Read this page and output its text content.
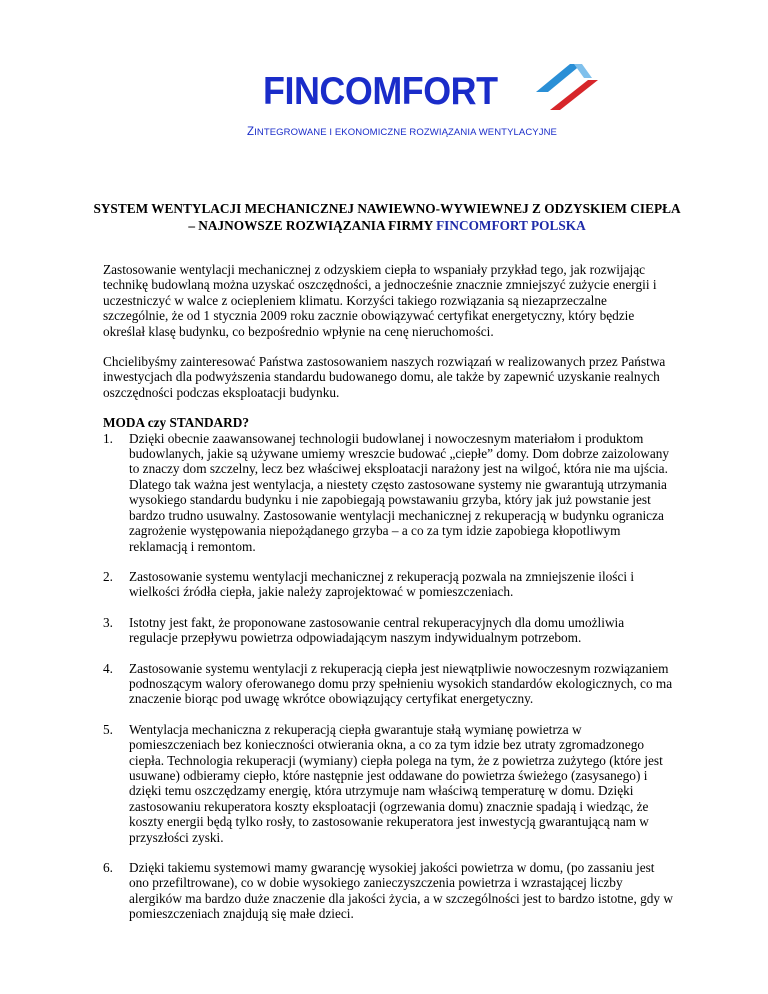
FINCOMFORT
ZINTEGROWANE I EKONOMICZNE ROZWIĄZANIA WENTYLACYJNE
SYSTEM WENTYLACJI MECHANICZNEJ NAWIEWNO-WYWIEWNEJ Z ODZYSKIEM CIEPŁA – NAJNOWSZE ROZWIĄZANIA FIRMY FINCOMFORT POLSKA

Zastosowanie wentylacji mechanicznej z odzyskiem ciepła to wspaniały przykład tego, jak rozwijając technikę budowlaną można uzyskać oszczędności, a jednocześnie znacznie zmniejszyć zużycie energii i uczestniczyć w walce z ociepleniem klimatu. Korzyści takiego rozwiązania są niezaprzeczalne szczególnie, że od 1 stycznia 2009 roku zacznie obowiązywać certyfikat energetyczny, który będzie określał klasę budynku, co bezpośrednio wpłynie na cenę nieruchomości.

Chcielibyśmy zainteresować Państwa zastosowaniem naszych rozwiązań w realizowanych przez Państwa inwestycjach dla podwyższenia standardu budowanego domu, ale także by zapewnić uzyskanie realnych oszczędności podczas eksploatacji budynku.

MODA czy STANDARD?
1.	Dzięki obecnie zaawansowanej technologii budowlanej i nowoczesnym materiałom i produktom budowlanych, jakie są używane umiemy wreszcie budować „ciepłe” domy. Dom dobrze zaizolowany to znaczy dom szczelny, lecz bez właściwej eksploatacji narażony jest na wilgoć, która nie ma ujścia. Dlatego tak ważna jest wentylacja, a niestety często zastosowane systemy nie gwarantują utrzymania wysokiego standardu budynku i nie zapobiegają powstawaniu grzyba, który jak już powstanie jest bardzo trudno usuwalny. Zastosowanie wentylacji mechanicznej z rekuperacją w budynku ogranicza zagrożenie występowania niepożądanego grzyba – a co za tym idzie zapobiega kłopotliwym reklamacją i remontom.
2.	Zastosowanie systemu wentylacji mechanicznej z rekuperacją pozwala na zmniejszenie ilości i wielkości źródła ciepła, jakie należy zaprojektować w pomieszczeniach.
3.	Istotny jest fakt, że proponowane zastosowanie central rekuperacyjnych dla domu umożliwia regulacje przepływu powietrza odpowiadającym naszym indywidualnym potrzebom.
4.	Zastosowanie systemu wentylacji z rekuperacją ciepła jest niewątpliwie nowoczesnym rozwiązaniem podnoszącym walory oferowanego domu przy spełnieniu wysokich standardów ekologicznych, co ma znaczenie biorąc pod uwagę wkrótce obowiązujący certyfikat energetyczny.
5.	Wentylacja mechaniczna z rekuperacją ciepła gwarantuje stałą wymianę powietrza w pomieszczeniach bez konieczności otwierania okna, a co za tym idzie bez utraty zgromadzonego ciepła. Technologia rekuperacji (wymiany) ciepła polega na tym, że z powietrza zużytego (które jest usuwane) odbieramy ciepło, które następnie jest oddawane do powietrza świeżego (zasysanego) i dzięki temu oszczędzamy energię, która utrzymuje nam właściwą temperaturę w domu. Dzięki zastosowaniu rekuperatora koszty eksploatacji (ogrzewania domu) znacznie spadają i wiedząc, że koszty energii będą tylko rosły, to zastosowanie rekuperatora jest inwestycją gwarantującą nam w przyszłości zyski.
6.	Dzięki takiemu systemowi mamy gwarancję wysokiej jakości powietrza w domu, (po zassaniu jest ono przefiltrowane), co w dobie wysokiego zanieczyszczenia powietrza i wzrastającej liczby alergików ma bardzo duże znaczenie dla jakości życia, a w szczególności jest to bardzo istotne, gdy w pomieszczeniach znajdują się małe dzieci.
